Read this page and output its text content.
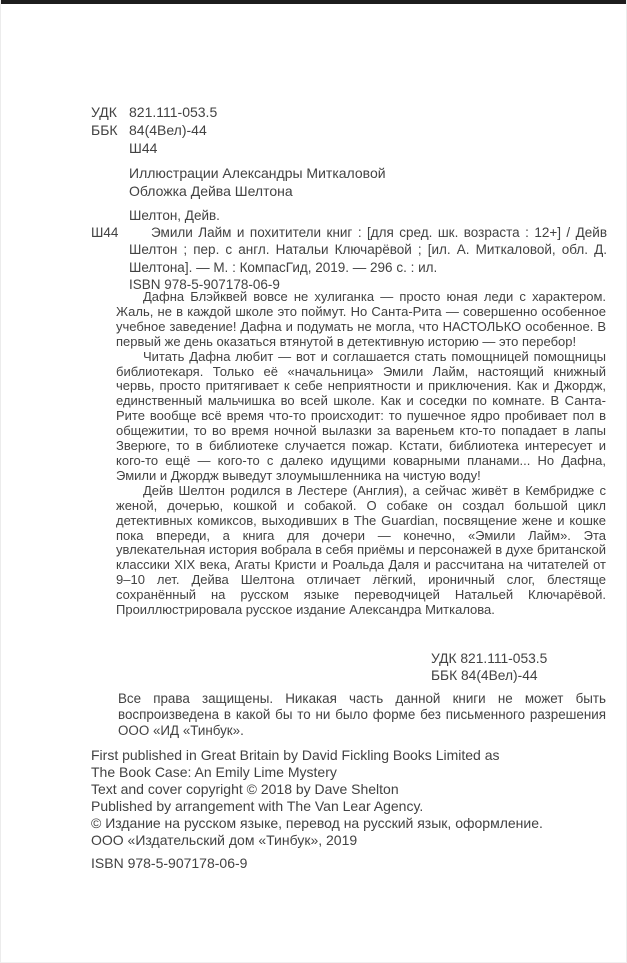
УДК 821.111-053.5
ББК 84(4Вел)-44
Ш44
Иллюстрации Александры Миткаловой
Обложка Дейва Шелтона
Ш44
Шелтон, Дейв.

Эмили Лайм и похитители книг : [для сред. шк. возраста : 12+] / Дейв Шелтон ; пер. с англ. Натальи Ключарёвой ; [ил. А. Миткаловой, обл. Д. Шелтона]. — М. : КомпасГид, 2019. — 296 с. : ил.

ISBN 978-5-907178-06-9

Дафна Блэйквей вовсе не хулиганка — просто юная леди с характером. Жаль, не в каждой школе это поймут. Но Санта-Рита — совершенно особенное учебное заведение! Дафна и подумать не могла, что НАСТОЛЬКО особенное. В первый же день оказаться втянутой в детективную историю — это перебор!

Читать Дафна любит — вот и соглашается стать помощницей помощницы библиотекаря. Только её «начальница» Эмили Лайм, настоящий книжный червь, просто притягивает к себе неприятности и приключения. Как и Джордж, единственный мальчишка во всей школе. Как и соседки по комнате. В Санта-Рите вообще всё время что-то происходит: то пушечное ядро пробивает пол в общежитии, то во время ночной вылазки за вареньем кто-то попадает в лапы Зверюге, то в библиотеке случается пожар. Кстати, библиотека интересует и кого-то ещё — кого-то с далеко идущими коварными планами... Но Дафна, Эмили и Джордж выведут злоумышленника на чистую воду!

Дейв Шелтон родился в Лестере (Англия), а сейчас живёт в Кембридже с женой, дочерью, кошкой и собакой. О собаке он создал большой цикл детективных комиксов, выходивших в The Guardian, посвящение жене и кошке пока впереди, а книга для дочери — конечно, «Эмили Лайм». Эта увлекательная история вобрала в себя приёмы и персонажей в духе британской классики XIX века, Агаты Кристи и Роальда Даля и рассчитана на читателей от 9–10 лет. Дейва Шелтона отличает лёгкий, ироничный слог, блестяще сохранённый на русском языке переводчицей Натальей Ключарёвой. Проиллюстрировала русское издание Александра Миткалова.

УДК 821.111-053.5
ББК 84(4Вел)-44

Все права защищены. Никакая часть данной книги не может быть воспроизведена в какой бы то ни было форме без письменного разрешения ООО «ИД «Тинбук».

First published in Great Britain by David Fickling Books Limited as
The Book Case: An Emily Lime Mystery
Text and cover copyright © 2018 by Dave Shelton
Published by arrangement with The Van Lear Agency.
© Издание на русском языке, перевод на русский язык, оформление.
ООО «Издательский дом «Тинбук», 2019
ISBN 978-5-907178-06-9
